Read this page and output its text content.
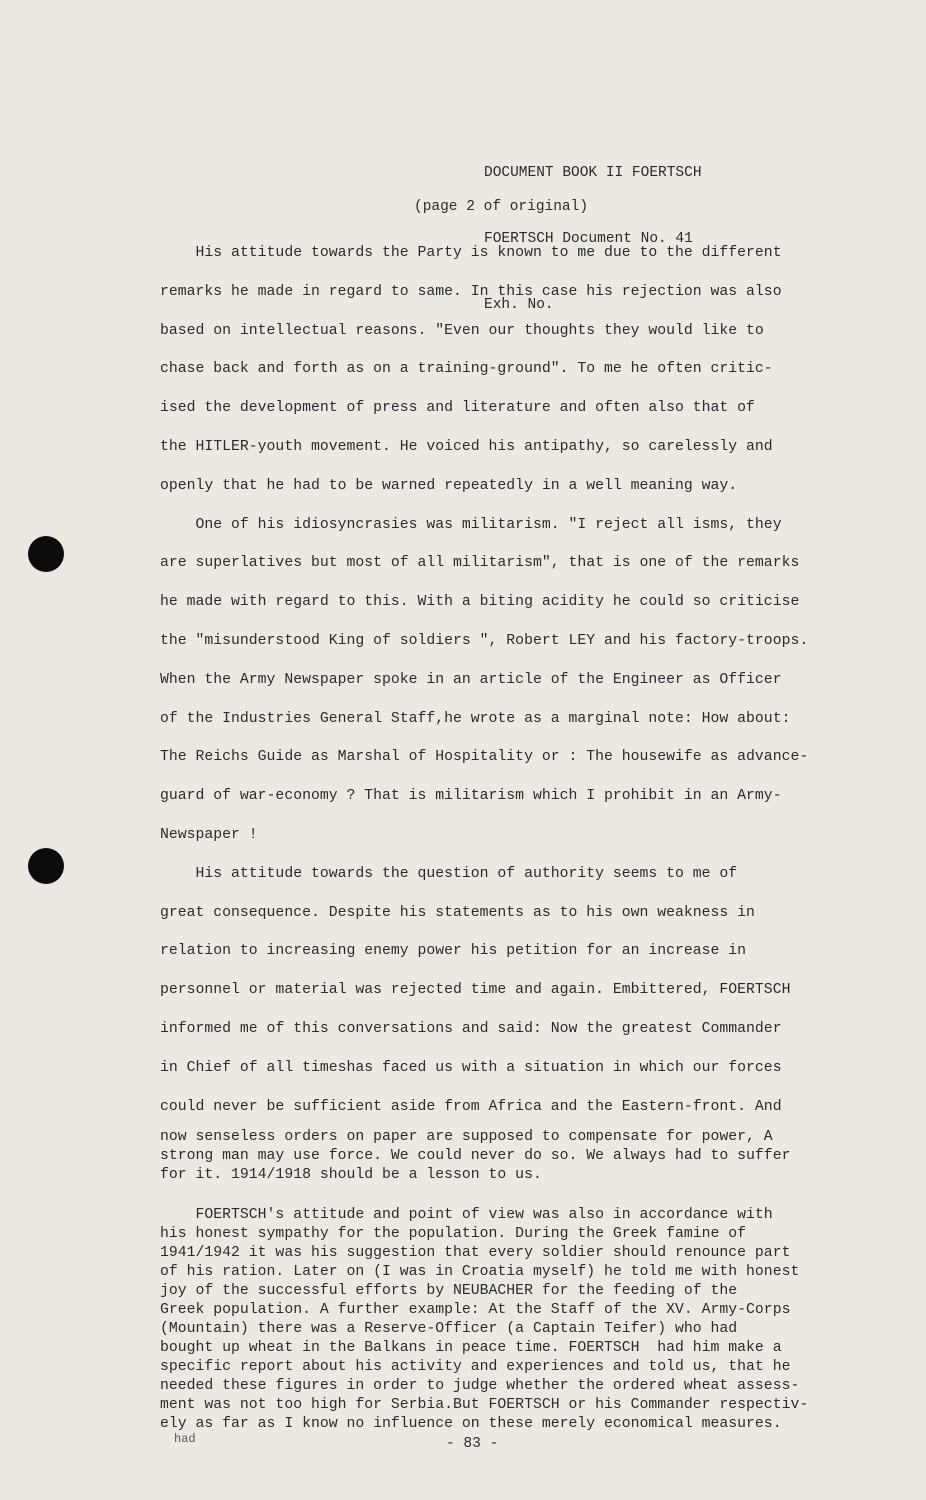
DOCUMENT BOOK II FOERTSCH

FOERTSCH Document No. 41

Exh. No.

(page 2 of original)

His attitude towards the Party is known to me due to the different
remarks he made in regard to same. In this case his rejection was also
based on intellectual reasons. "Even our thoughts they would like to
chase back and forth as on a training-ground". To me he often critic-
ised the development of press and literature and often also that of
the HITLER-youth movement. He voiced his antipathy, so carelessly and
openly that he had to be warned repeatedly in a well meaning way.

One of his idiosyncrasies was militarism. "I reject all isms, they
are superlatives but most of all militarism", that is one of the remarks
he made with regard to this. With a biting acidity he could so criticise
the "misunderstood King of soldiers ", Robert LEY and his factory-troops.
When the Army Newspaper spoke in an article of the Engineer as Officer
of the Industries General Staff,he wrote as a marginal note: How about:
The Reichs Guide as Marshal of Hospitality or : The housewife as advance-
guard of war-economy ? That is militarism which I prohibit in an Army-
Newspaper !

His attitude towards the question of authority seems to me of
great consequence. Despite his statements as to his own weakness in
relation to increasing enemy power his petition for an increase in
personnel or material was rejected time and again. Embittered, FOERTSCH
informed me of this conversations and said: Now the greatest Commander
in Chief of all timeshas faced us with a situation in which our forces
could never be sufficient aside from Africa and the Eastern-front. And

now senseless orders on paper are supposed to compensate for power, A
strong man may use force. We could never do so. We always had to suffer
for it. 1914/1918 should be a lesson to us.
FOERTSCH's attitude and point of view was also in accordance with
his honest sympathy for the population. During the Greek famine of
1941/1942 it was his suggestion that every soldier should renounce part
of his ration. Later on (I was in Croatia myself) he told me with honest
joy of the successful efforts by NEUBACHER for the feeding of the
Greek population. A further example: At the Staff of the XV. Army-Corps
(Mountain) there was a Reserve-Officer (a Captain Teifer) who had
bought up wheat in the Balkans in peace time. FOERTSCH  had him make a
specific report about his activity and experiences and told us, that he
needed these figures in order to judge whether the ordered wheat assess-
ment was not too high for Serbia.But FOERTSCH or his Commander respectiv-
ely as far as I know no influence on these merely economical measures.
had	- 83 -
